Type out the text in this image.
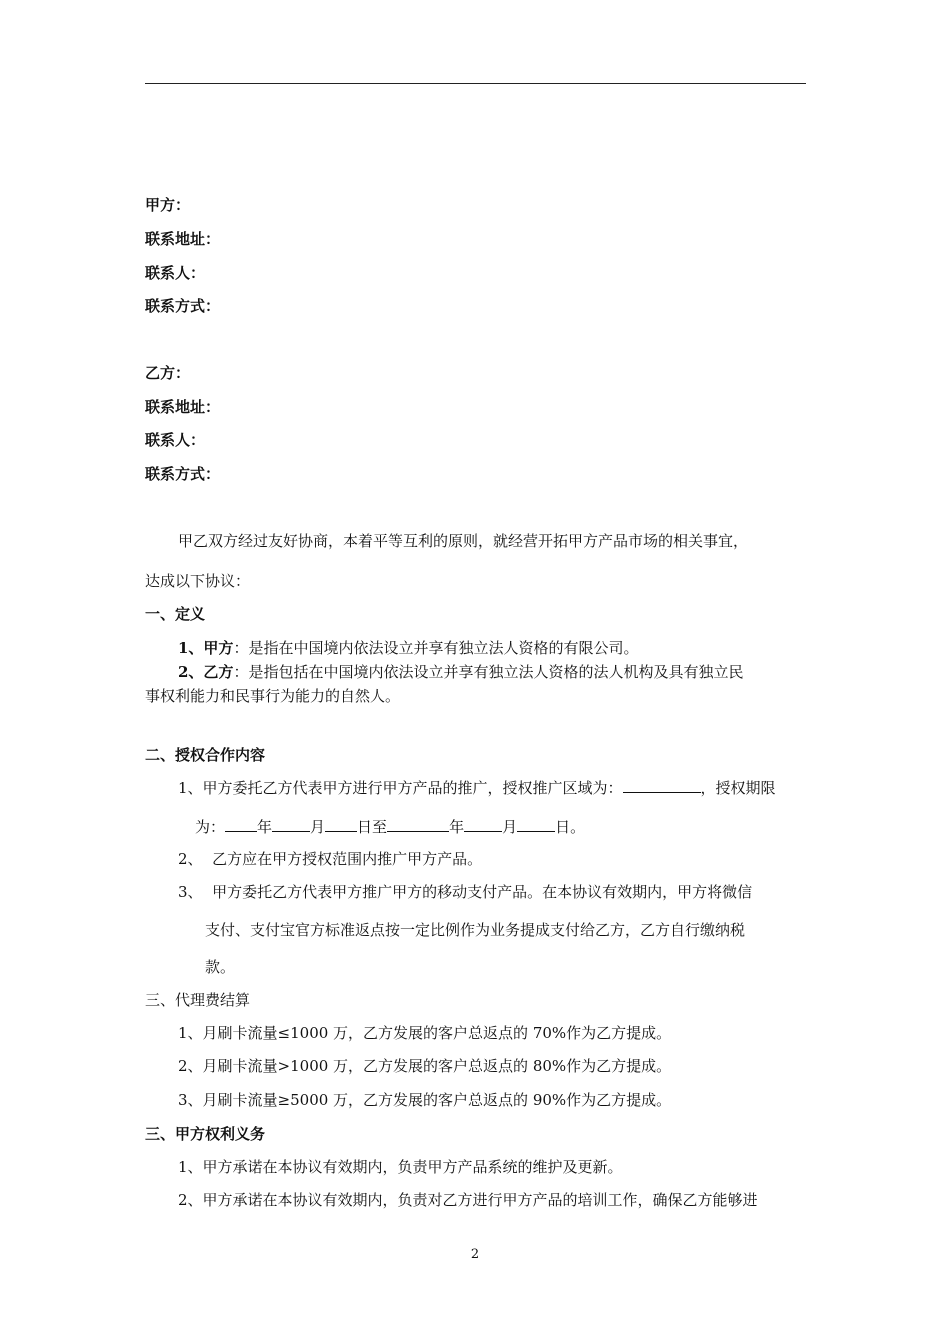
甲方：
联系地址：
联系人：
联系方式：
乙方：
联系地址：
联系人：
联系方式：
甲乙双方经过友好协商，本着平等互利的原则，就经营开拓甲方产品市场的相关事宜，
达成以下协议：
一、定义
1、甲方：是指在中国境内依法设立并享有独立法人资格的有限公司。
2、乙方：是指包括在中国境内依法设立并享有独立法人资格的法人机构及具有独立民
事权利能力和民事行为能力的自然人。
二、授权合作内容
1、甲方委托乙方代表甲方进行甲方产品的推广，授权推广区域为：	，授权期限
为： 年	月 日至	年	月	日。
2、 乙方应在甲方授权范围内推广甲方产品。
3、 甲方委托乙方代表甲方推广甲方的移动支付产品。在本协议有效期内，甲方将微信
支付、支付宝官方标准返点按一定比例作为业务提成支付给乙方，乙方自行缴纳税
款。
三、代理费结算
1、月刷卡流量≤1000 万，乙方发展的客户总返点的 70%作为乙方提成。
2、月刷卡流量>1000 万，乙方发展的客户总返点的 80%作为乙方提成。
3、月刷卡流量≥5000 万，乙方发展的客户总返点的 90%作为乙方提成。
三、甲方权利义务
1、甲方承诺在本协议有效期内，负责甲方产品系统的维护及更新。
2、甲方承诺在本协议有效期内，负责对乙方进行甲方产品的培训工作，确保乙方能够进
2
